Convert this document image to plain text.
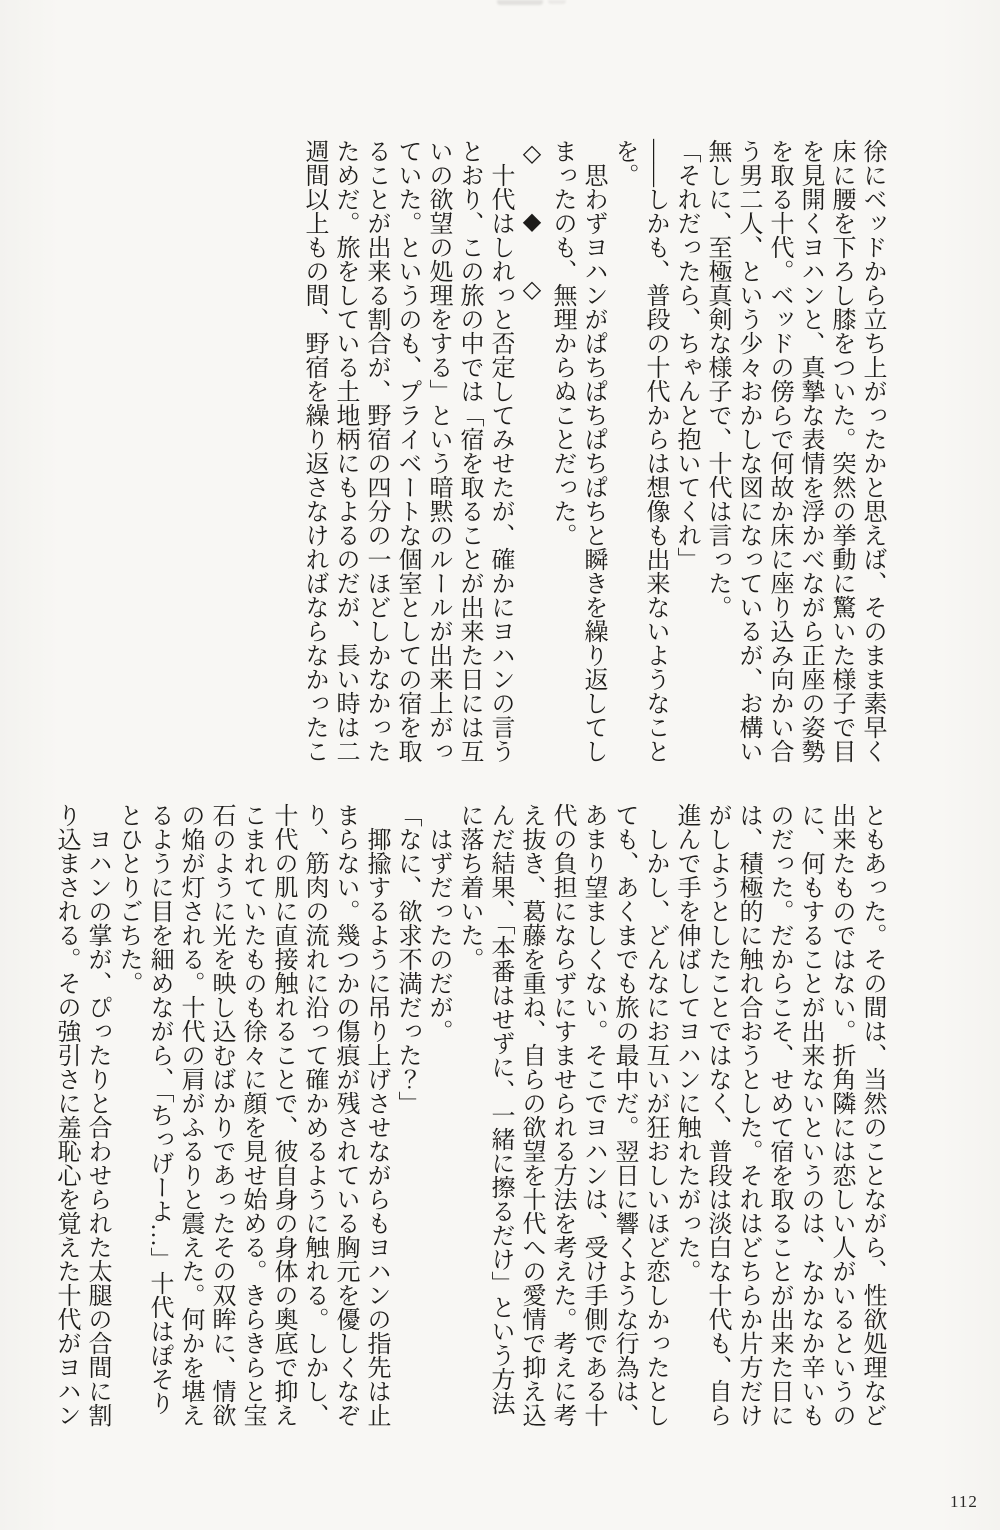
徐にベッドから立ち上がったかと思えば、そのまま素早く床に腰を下ろし膝をついた。突然の挙動に驚いた様子で目を見開くヨハンと、真摯な表情を浮かべながら正座の姿勢を取る十代。ベッドの傍らで何故か床に座り込み向かい合う男二人、という少々おかしな図になっているが、お構い無しに、至極真剣な様子で、十代は言った。

「それだったら、ちゃんと抱いてくれ」

――しかも、普段の十代からは想像も出来ないようなことを。

思わずヨハンがぱちぱちぱちぱちと瞬きを繰り返してしまったのも、無理からぬことだった。

◇　◆　◇

十代はしれっと否定してみせたが、確かにヨハンの言うとおり、この旅の中では「宿を取ることが出来た日には互いの欲望の処理をする」という暗黙のルールが出来上がっていた。というのも、プライベートな個室としての宿を取ることが出来る割合が、野宿の四分の一ほどしかなかったためだ。旅をしている土地柄にもよるのだが、長い時は二週間以上もの間、野宿を繰り返さなければならなかったこ

ともあった。その間は、当然のことながら、性欲処理など出来たものではない。折角隣には恋しい人がいるというのに、何もすることが出来ないというのは、なかなか辛いものだった。だからこそ、せめて宿を取ることが出来た日には、積極的に触れ合おうとした。それはどちらか片方だけがしようとしたことではなく、普段は淡白な十代も、自ら進んで手を伸ばしてヨハンに触れたがった。

しかし、どんなにお互いが狂おしいほど恋しかったとしても、あくまでも旅の最中だ。翌日に響くような行為は、あまり望ましくない。そこでヨハンは、受け手側である十代の負担にならずにすませられる方法を考えた。考えに考え抜き、葛藤を重ね、自らの欲望を十代への愛情で抑え込んだ結果、「本番はせずに、一緒に擦るだけ」という方法に落ち着いた。

はずだったのだが。

「なに、欲求不満だった？」

揶揄するように吊り上げさせながらもヨハンの指先は止まらない。幾つかの傷痕が残されている胸元を優しくなぞり、筋肉の流れに沿って確かめるように触れる。しかし、十代の肌に直接触れることで、彼自身の身体の奥底で抑えこまれていたものも徐々に顔を見せ始める。きらきらと宝石のように光を映し込むばかりであったその双眸に、情欲の焔が灯される。十代の肩がふるりと震えた。何かを堪えるように目を細めながら、「ちっげーよ…」十代はぽそりとひとりごちた。

ヨハンの掌が、ぴったりと合わせられた太腿の合間に割り込まされる。その強引さに羞恥心を覚えた十代がヨハン

112
